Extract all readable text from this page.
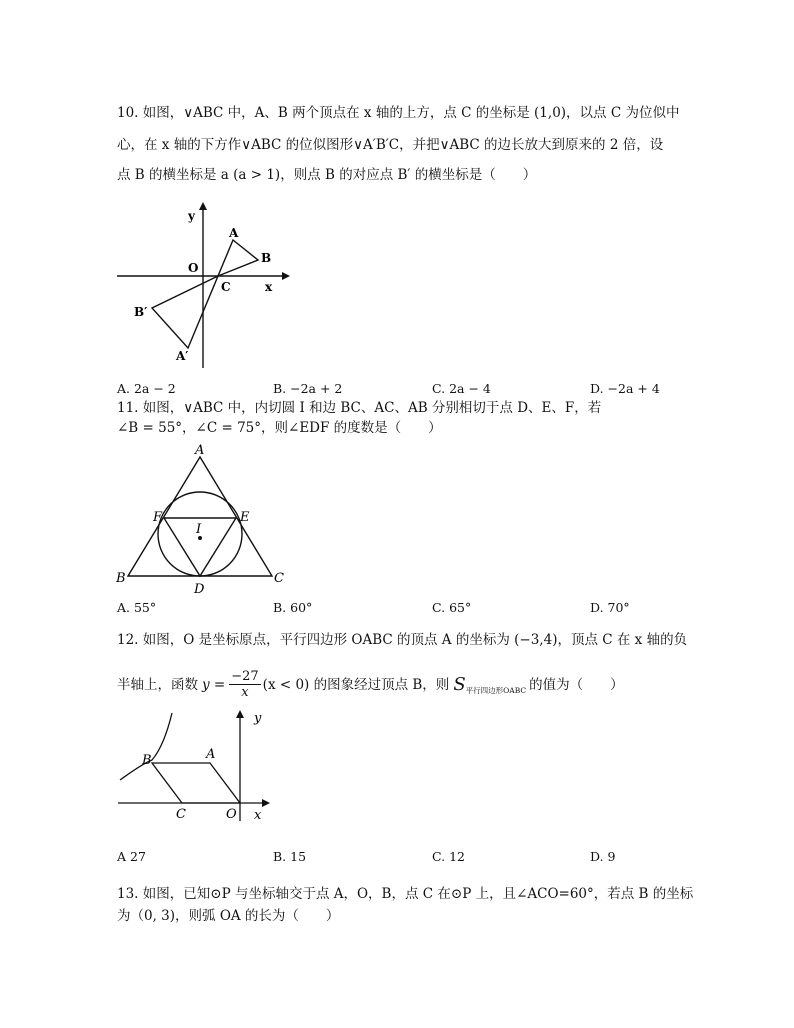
10. 如图，∨ABC 中，A、B 两个顶点在 x 轴的上方，点 C 的坐标是 (1,0)，以点 C 为位似中
心，在 x 轴的下方作∨ABC 的位似图形∨A′B′C，并把∨ABC 的边长放大到原来的 2 倍，设
点 B 的横坐标是 a (a > 1)，则点 B 的对应点 B′ 的横坐标是（　　）
y
x
O
C
A
B
B′
A′
A. 2a − 2	B. −2a + 2	C. 2a − 4	D. −2a + 4
11. 如图，∨ABC 中，内切圆 I 和边 BC、AC、AB 分别相切于点 D、E、F，若
∠B = 55°，∠C = 75°，则∠EDF 的度数是（　　）
A
B	C
D
E
F
I
A. 55°	B. 60°	C. 65°	D. 70°
12. 如图，O 是坐标原点，平行四边形 OABC 的顶点 A 的坐标为 (−3,4)，顶点 C 在 x 轴的负
半轴上，函数 $y = \frac{-27}{x} (x < 0)$ 的图象经过顶点 B，则 S 平行四边形OABC 的值为（　　）
y
x
A
B
C	O
A 27	B. 15	C. 12	D. 9
13. 如图，已知⊙P 与坐标轴交于点 A，O，B，点 C 在⊙P 上，且∠ACO=60°，若点 B 的坐标
为（0, 3)，则弧 OA 的长为（　　）
